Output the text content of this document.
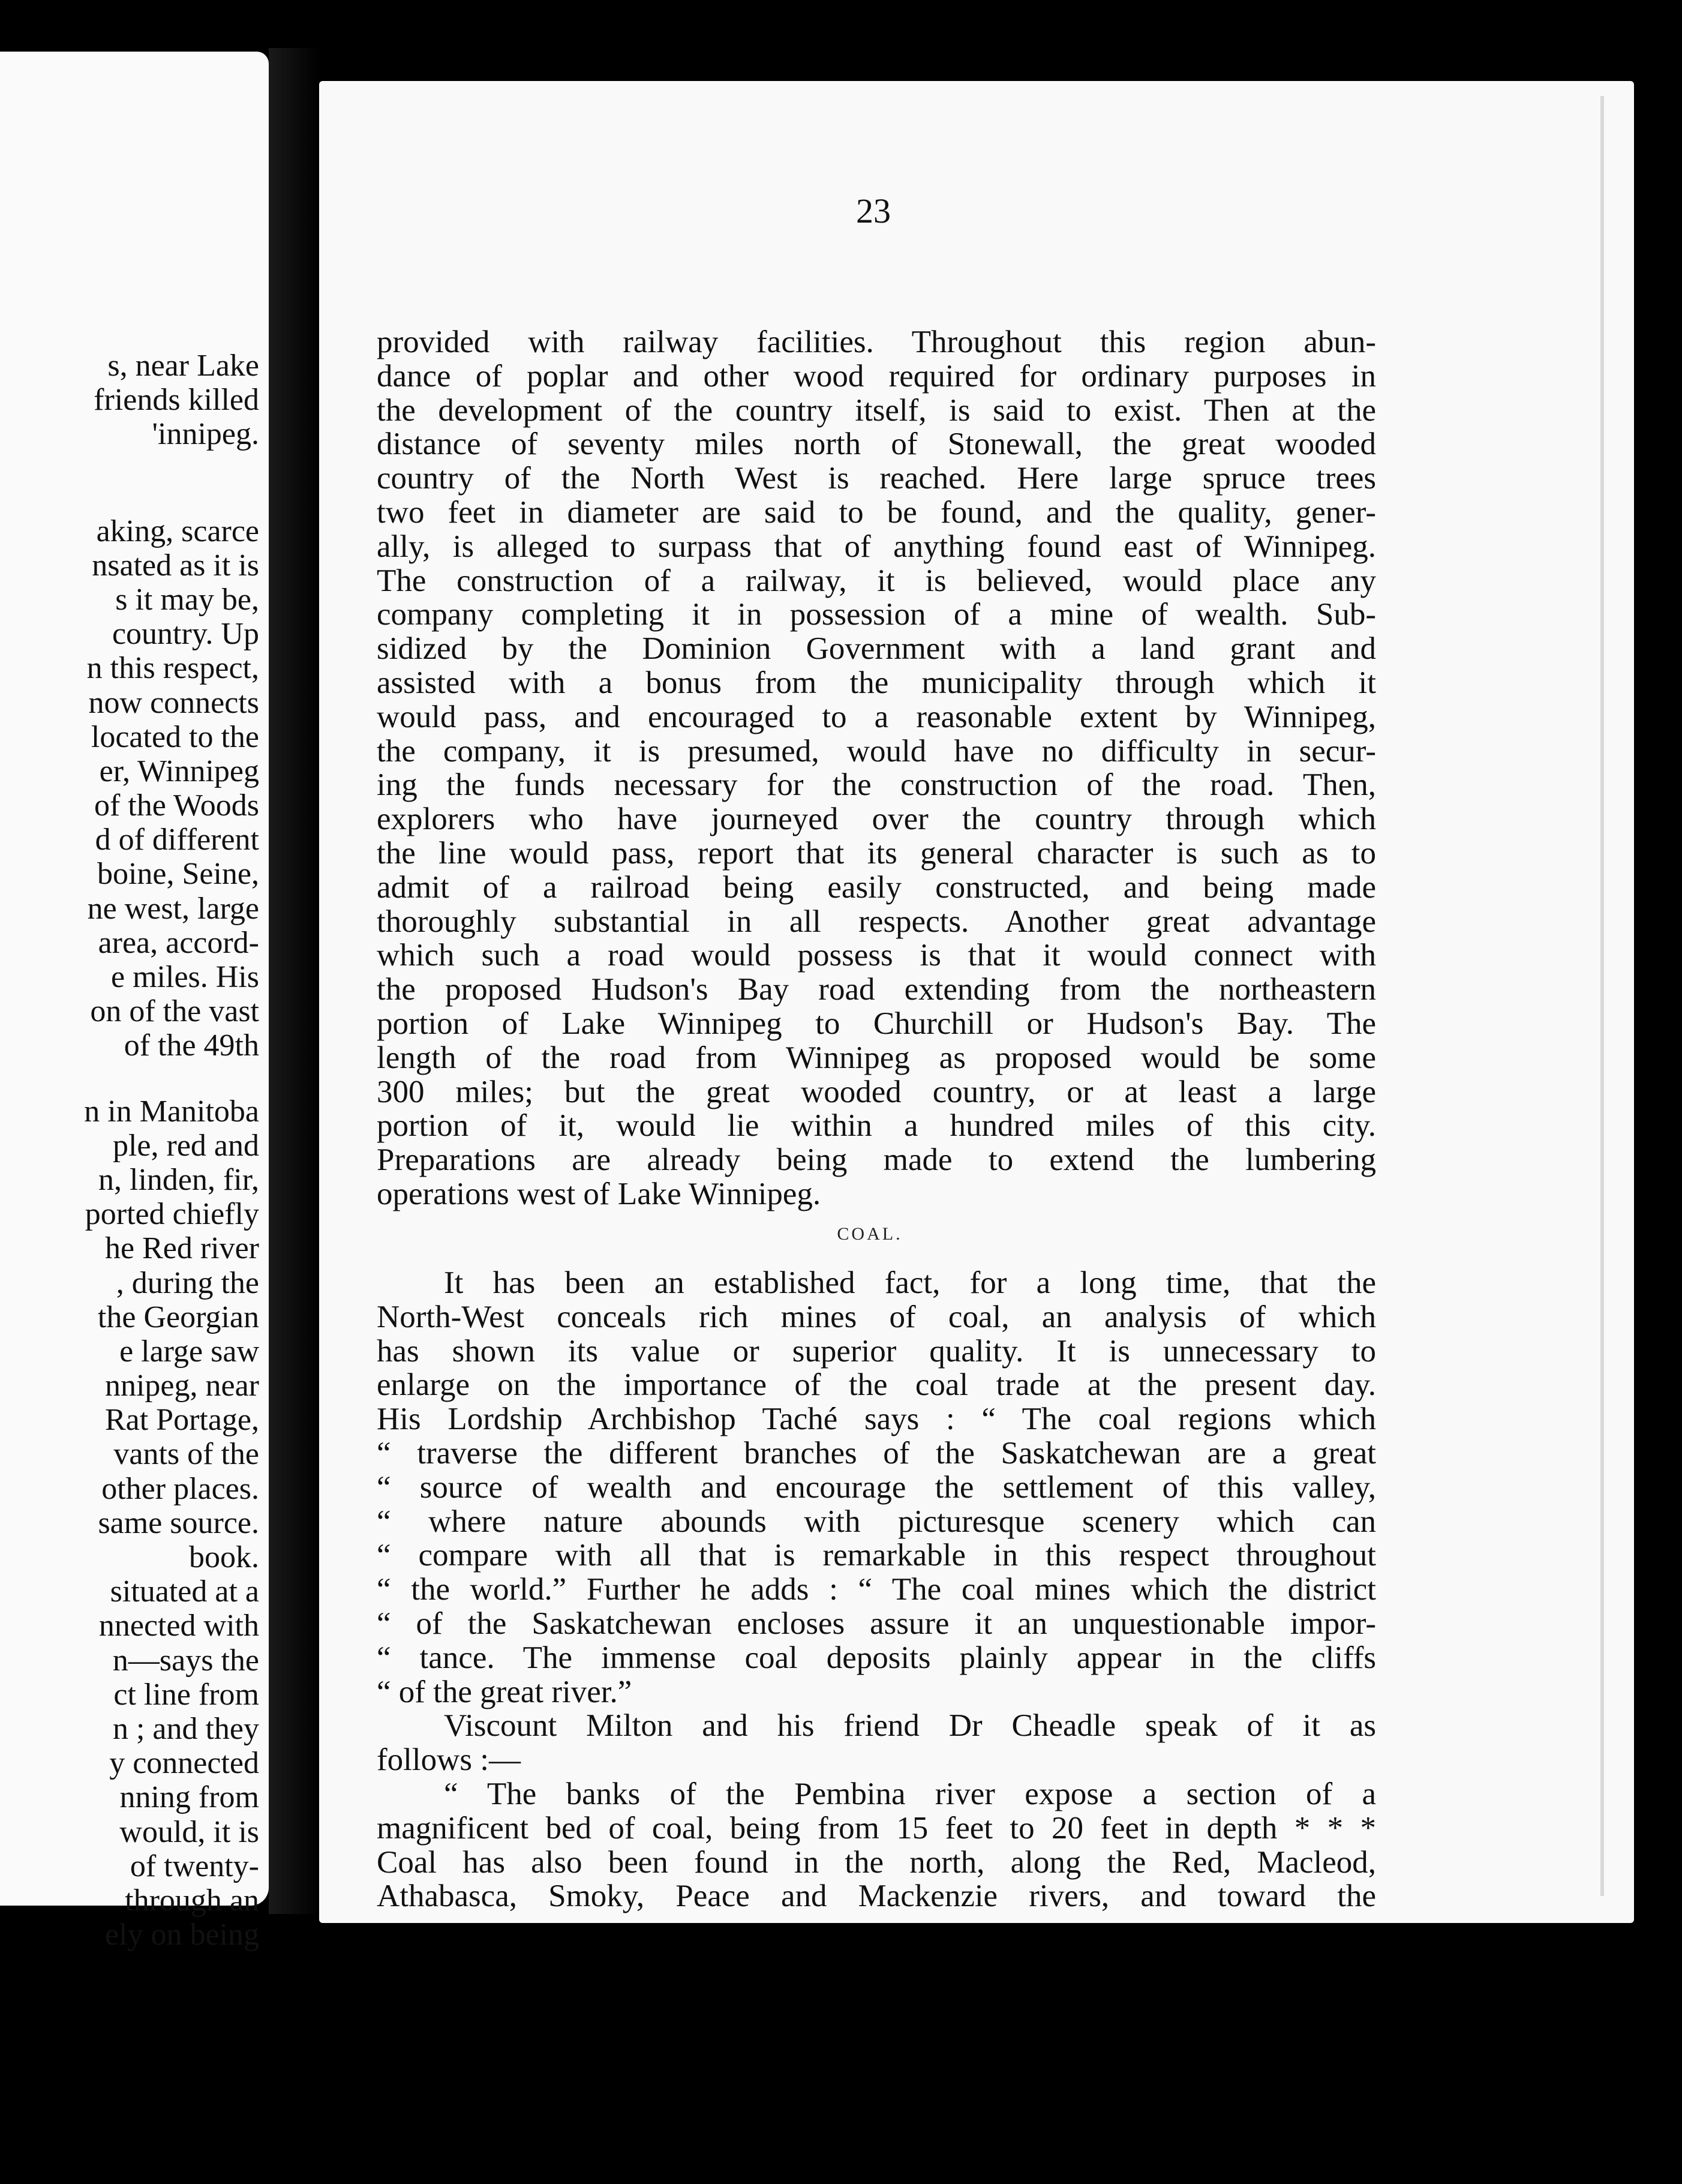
s, near Lake
friends killed
'innipeg.
aking, scarce
nsated as it is
s it may be,
country. Up
n this respect,
now connects
located to the
er, Winnipeg
of the Woods
d of different
boine, Seine,
ne west, large
area, accord-
e miles. His
on of the vast
of the 49th
n in Manitoba
ple, red and
n, linden, fir,
ported chiefly
he Red river
, during the
the Georgian
e large saw
nnipeg, near
Rat Portage,
vants of the
other places.
same source.
book.
situated at a
nnected with
n—says the
ct line from
n ; and they
y connected
nning from
would, it is
of twenty-
through an
ely on being
23
provided with railway facilities. Throughout this region abun-
dance of poplar and other wood required for ordinary purposes in
the development of the country itself, is said to exist. Then at the
distance of seventy miles north of Stonewall, the great wooded
country of the North West is reached. Here large spruce trees
two feet in diameter are said to be found, and the quality, gener-
ally, is alleged to surpass that of anything found east of Winnipeg.
The construction of a railway, it is believed, would place any
company completing it in possession of a mine of wealth. Sub-
sidized by the Dominion Government with a land grant and
assisted with a bonus from the municipality through which it
would pass, and encouraged to a reasonable extent by Winnipeg,
the company, it is presumed, would have no difficulty in secur-
ing the funds necessary for the construction of the road. Then,
explorers who have journeyed over the country through which
the line would pass, report that its general character is such as to
admit of a railroad being easily constructed, and being made
thoroughly substantial in all respects. Another great advantage
which such a road would possess is that it would connect with
the proposed Hudson's Bay road extending from the northeastern
portion of Lake Winnipeg to Churchill or Hudson's Bay. The
length of the road from Winnipeg as proposed would be some
300 miles; but the great wooded country, or at least a large
portion of it, would lie within a hundred miles of this city.
Preparations are already being made to extend the lumbering
operations west of Lake Winnipeg.
COAL.
It has been an established fact, for a long time, that the
North-West conceals rich mines of coal, an analysis of which
has shown its value or superior quality. It is unnecessary to
enlarge on the importance of the coal trade at the present day.
His Lordship Archbishop Taché says : “ The coal regions which
“ traverse the different branches of the Saskatchewan are a great
“ source of wealth and encourage the settlement of this valley,
“ where nature abounds with picturesque scenery which can
“ compare with all that is remarkable in this respect throughout
“ the world.” Further he adds : “ The coal mines which the district
“ of the Saskatchewan encloses assure it an unquestionable impor-
“ tance. The immense coal deposits plainly appear in the cliffs
“ of the great river.”
Viscount Milton and his friend Dr Cheadle speak of it as
follows :—
“ The banks of the Pembina river expose a section of a
magnificent bed of coal, being from 15 feet to 20 feet in depth * * *
Coal has also been found in the north, along the Red, Macleod,
Athabasca, Smoky, Peace and Mackenzie rivers, and toward the
